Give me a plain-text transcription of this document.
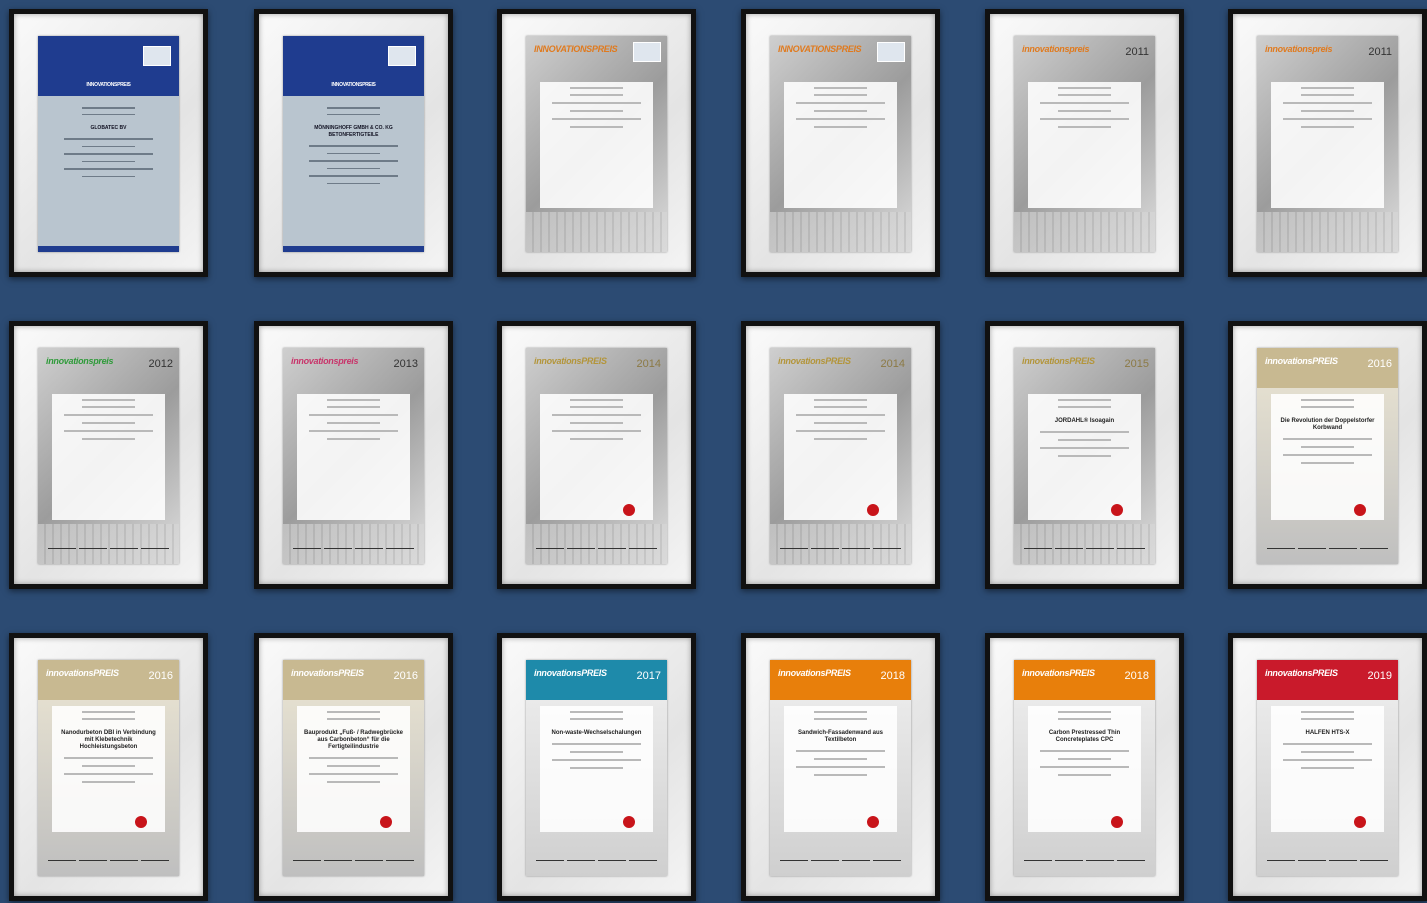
INNOVATIONSPREIS
GLOBATEC BV
INNOVATIONSPREIS
MÖNNINGHOFF GMBH & CO. KG BETONFERTIGTEILE
INNOVATIONSPREIS	INNOVATIONSPREIS	innovationspreis	2011	innovationspreis	2011
innovationspreis	2012	innovationspreis	2013	innovationsPREIS	2014	innovationsPREIS	2014	innovationsPREIS	2015
JORDAHL® Isoagain
innovationsPREIS	2016
Die Revolution der Doppelstorfer Korbwand
innovationsPREIS	2016
Nanodurbeton DBI in Verbindung mit Klebetechnik Hochleistungsbeton
innovationsPREIS	2016
Bauprodukt „Fuß- / Radwegbrücke aus Carbonbeton“ für die Fertigteilindustrie
innovationsPREIS	2017
Non-waste-Wechselschalungen
innovationsPREIS	2018
Sandwich-Fassadenwand aus Textilbeton
innovationsPREIS	2018
Carbon Prestressed Thin Concreteplates CPC
innovationsPREIS	2019
HALFEN HTS-X
